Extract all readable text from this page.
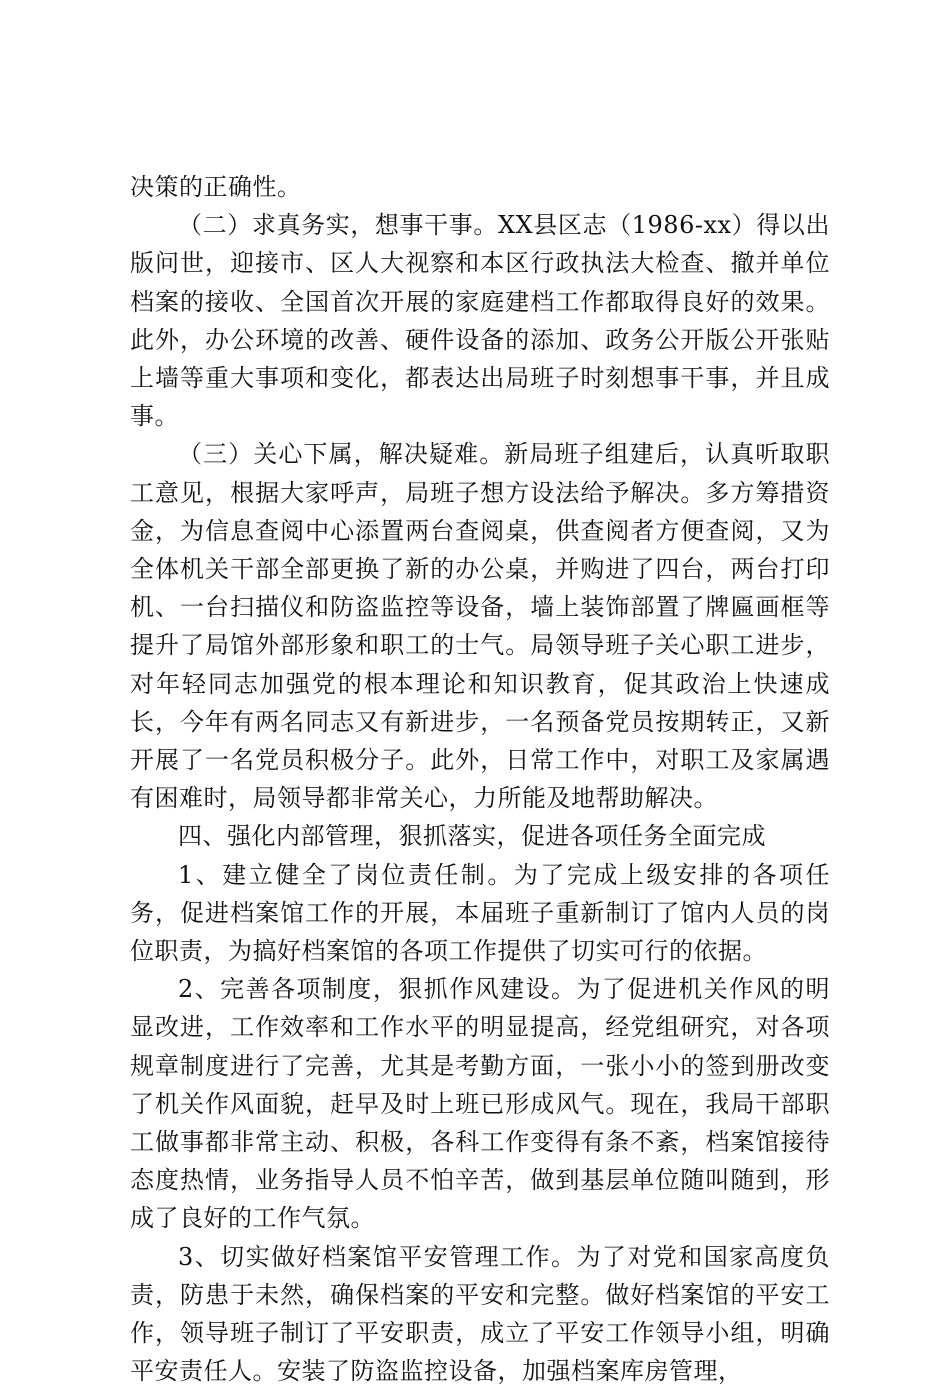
决策的正确性。

（二）求真务实，想事干事。XX县区志（1986-xx）得以出版问世，迎接市、区人大视察和本区行政执法大检查、撤并单位档案的接收、全国首次开展的家庭建档工作都取得良好的效果。此外，办公环境的改善、硬件设备的添加、政务公开版公开张贴上墙等重大事项和变化，都表达出局班子时刻想事干事，并且成事。

（三）关心下属，解决疑难。新局班子组建后，认真听取职工意见，根据大家呼声，局班子想方设法给予解决。多方筹措资金，为信息查阅中心添置两台查阅桌，供查阅者方便查阅，又为全体机关干部全部更换了新的办公桌，并购进了四台，两台打印机、一台扫描仪和防盗监控等设备，墙上装饰部置了牌匾画框等提升了局馆外部形象和职工的士气。局领导班子关心职工进步，对年轻同志加强党的根本理论和知识教育，促其政治上快速成长，今年有两名同志又有新进步，一名预备党员按期转正，又新开展了一名党员积极分子。此外，日常工作中，对职工及家属遇有困难时，局领导都非常关心，力所能及地帮助解决。

四、强化内部管理，狠抓落实，促进各项任务全面完成

1、建立健全了岗位责任制。为了完成上级安排的各项任务，促进档案馆工作的开展，本届班子重新制订了馆内人员的岗位职责，为搞好档案馆的各项工作提供了切实可行的依据。

2、完善各项制度，狠抓作风建设。为了促进机关作风的明显改进，工作效率和工作水平的明显提高，经党组研究，对各项规章制度进行了完善，尤其是考勤方面，一张小小的签到册改变了机关作风面貌，赶早及时上班已形成风气。现在，我局干部职工做事都非常主动、积极，各科工作变得有条不紊，档案馆接待态度热情，业务指导人员不怕辛苦，做到基层单位随叫随到，形成了良好的工作气氛。

3、切实做好档案馆平安管理工作。为了对党和国家高度负责，防患于未然，确保档案的平安和完整。做好档案馆的平安工作，领导班子制订了平安职责，成立了平安工作领导小组，明确平安责任人。安装了防盗监控设备，加强档案库房管理，
